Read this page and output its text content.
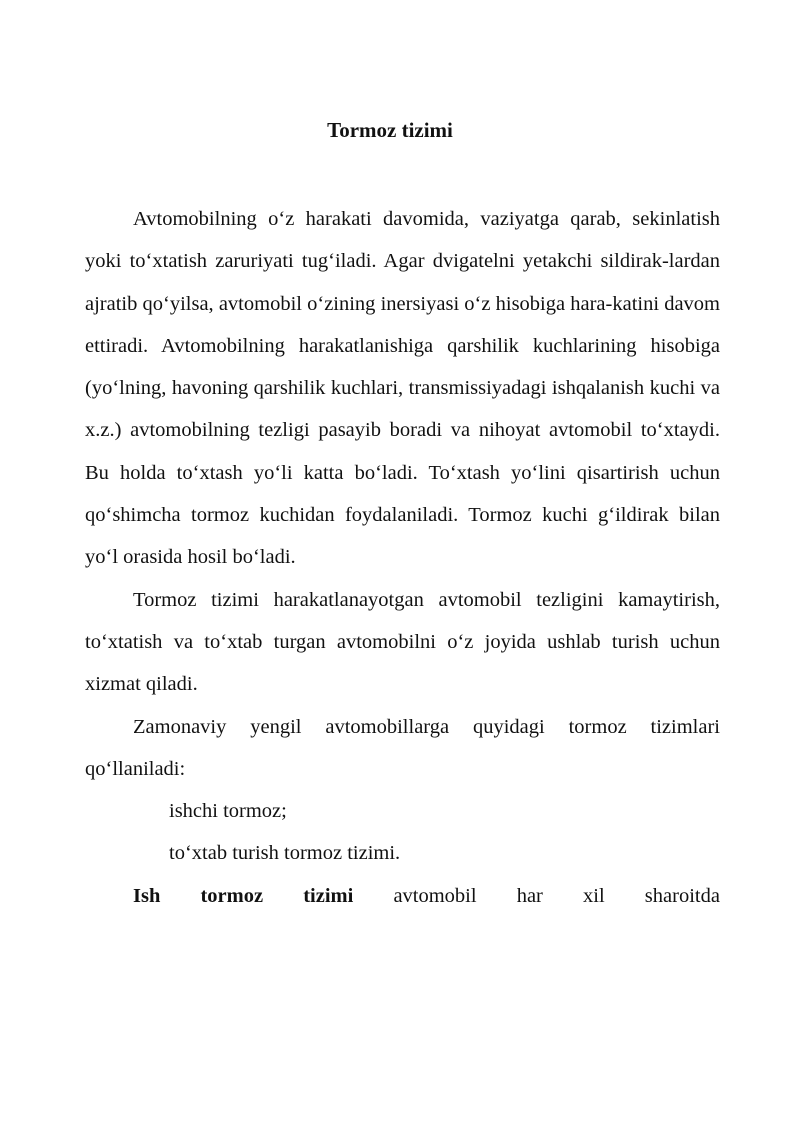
Tormoz tizimi

Avtomobilning o‘z harakati davomida, vaziyatga qarab, sekinlatish yoki to‘xtatish zaruriyati tug‘iladi. Agar dvigatelni yetakchi sildirak-lardan ajratib qo‘yilsa, avtomobil o‘zining inersiyasi o‘z hisobiga hara-katini davom ettiradi. Avtomobilning harakatlanishiga qarshilik kuchlarining hisobiga (yo‘lning, havoning qarshilik kuchlari, transmissiyadagi ishqalanish kuchi va x.z.) avtomobilning tezligi pasayib boradi va nihoyat avtomobil to‘xtaydi. Bu holda to‘xtash yo‘li katta bo‘ladi. To‘xtash yo‘lini qisartirish uchun qo‘shimcha tormoz kuchidan foydalaniladi. Tormoz kuchi g‘ildirak bilan yo‘l orasida hosil bo‘ladi.

Tormoz tizimi harakatlanayotgan avtomobil tezligini kamaytirish, to‘xtatish va to‘xtab turgan avtomobilni o‘z joyida ushlab turish uchun xizmat qiladi.

Zamonaviy yengil avtomobillarga quyidagi tormoz tizimlari qo‘llaniladi:

ishchi tormoz;

to‘xtab turish tormoz tizimi.

Ish tormoz tizimi avtomobil har xil sharoitda
